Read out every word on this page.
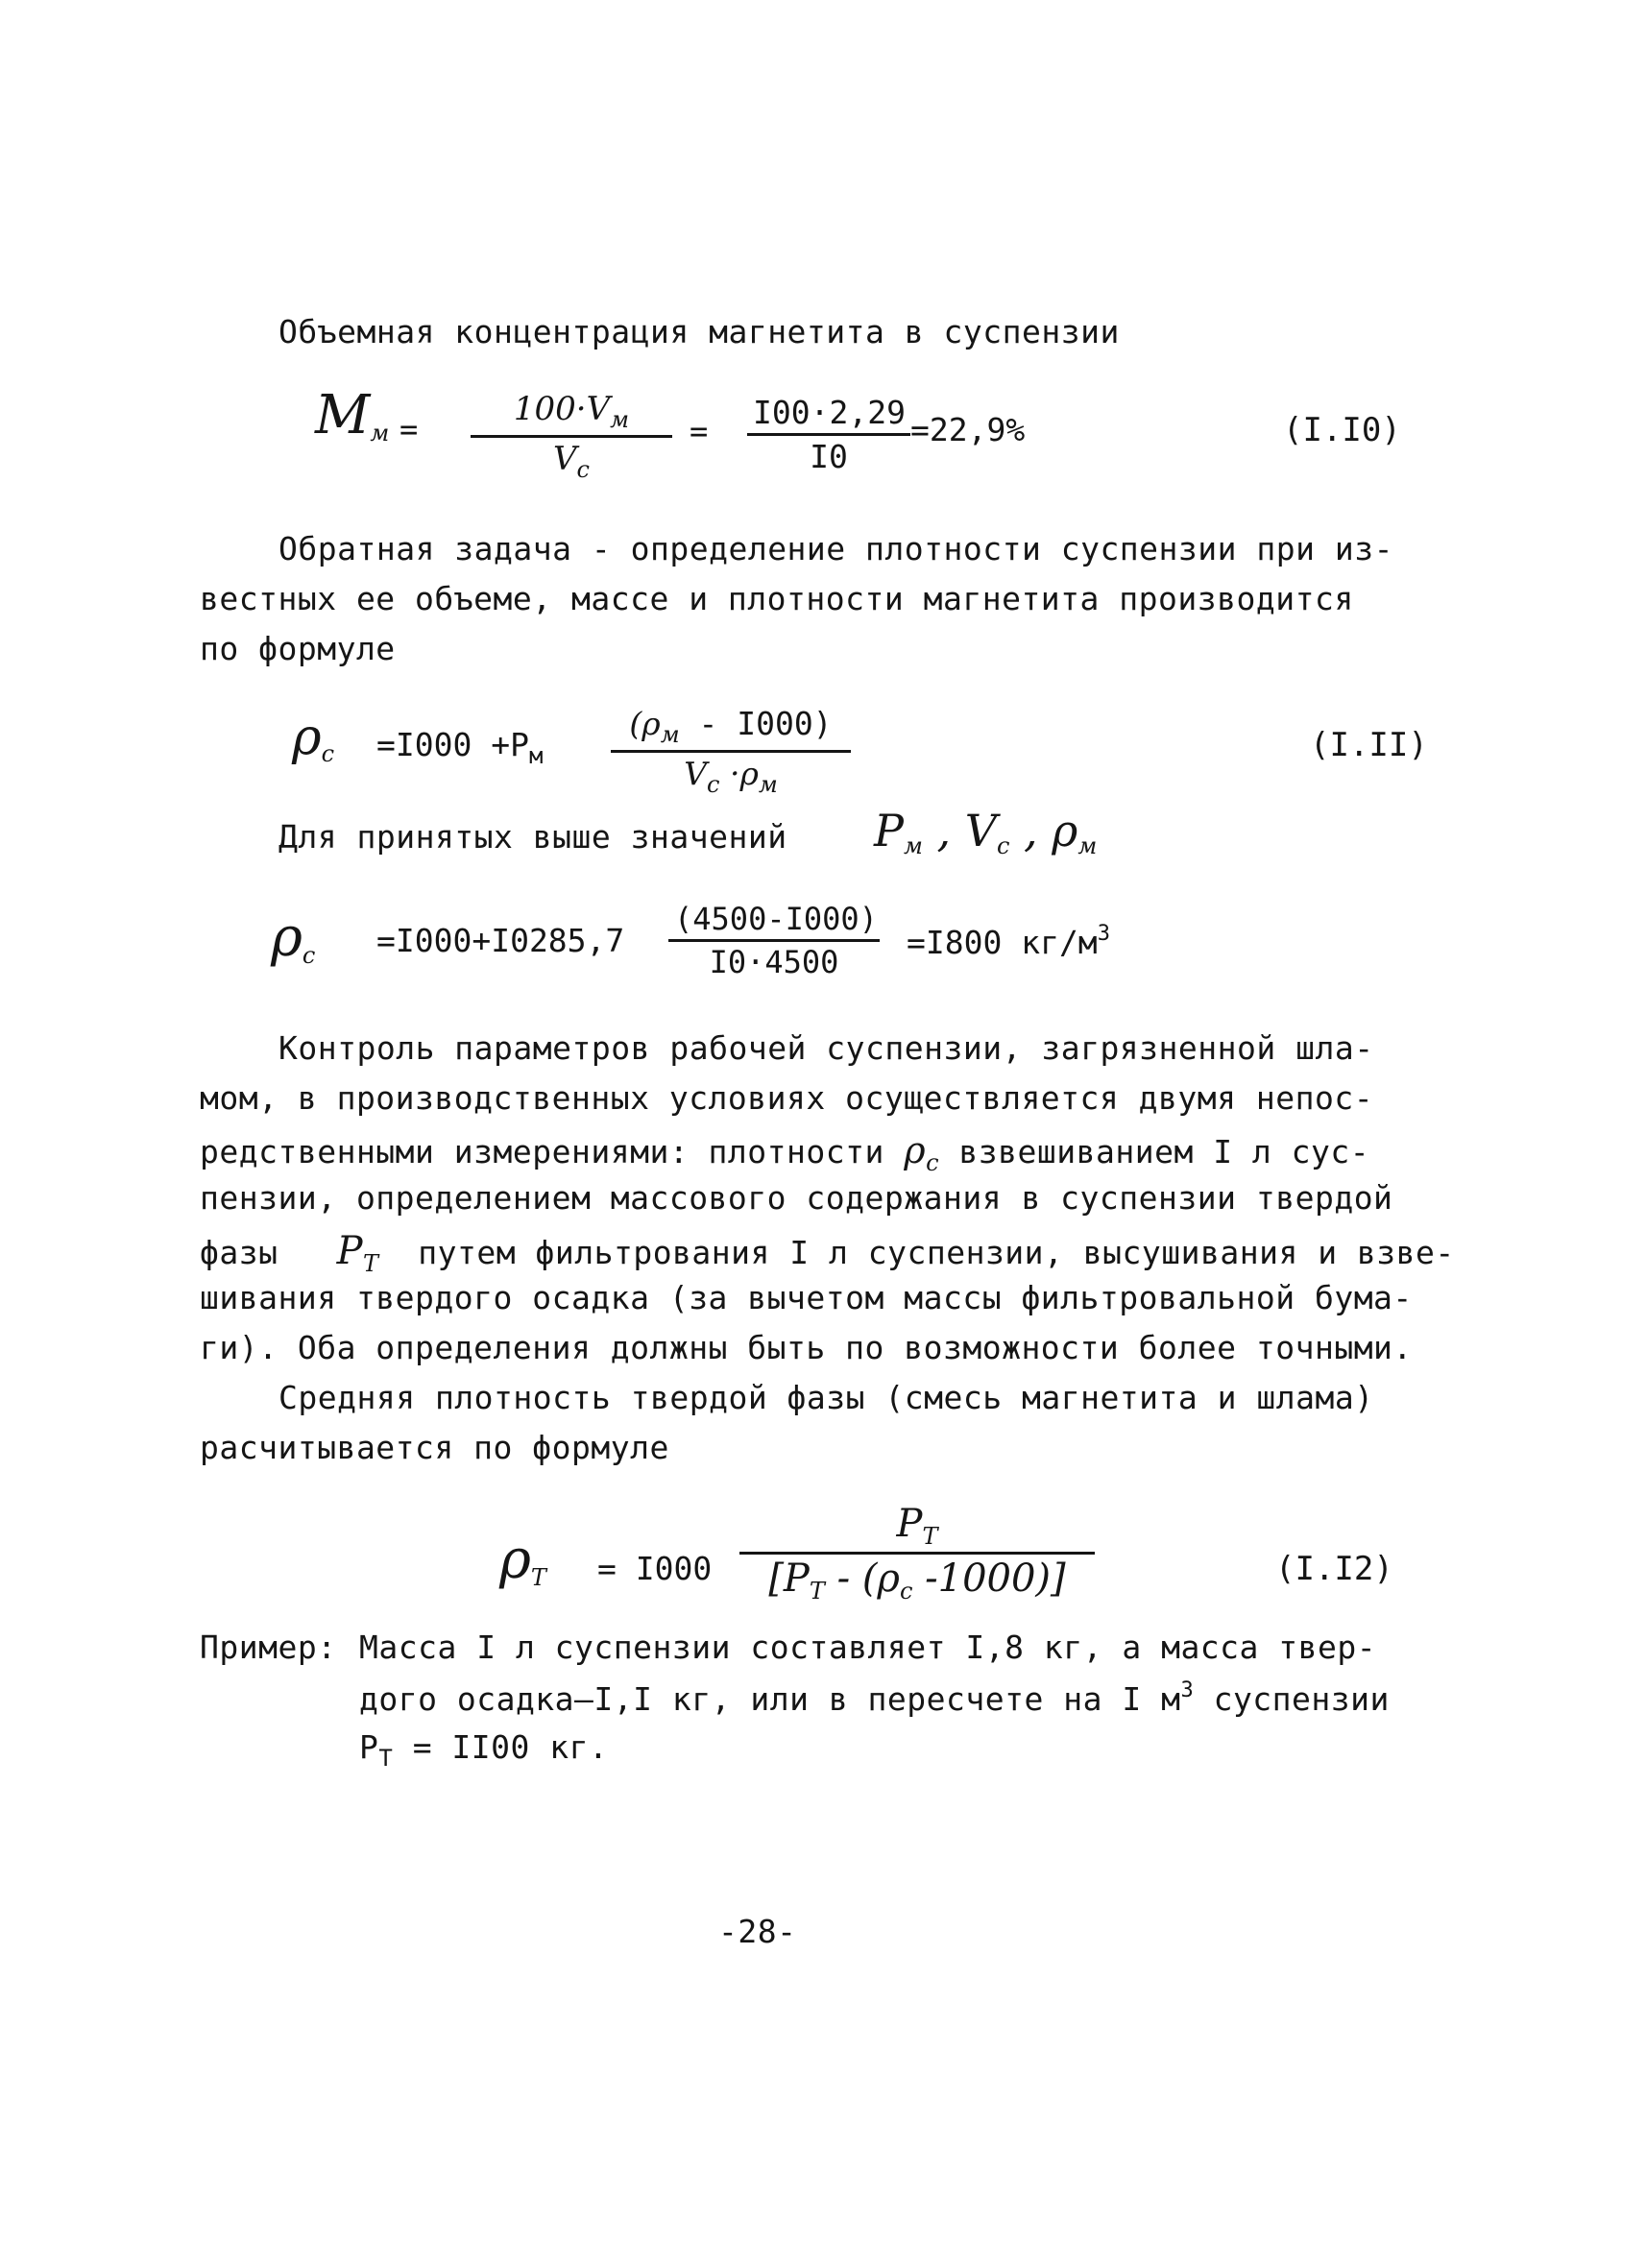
Объемная концентрация магнетита в суспензии
$M_м$ =
$100\cdot V_м$
$V_c$
= $\frac{I00\cdot 2,29}{I0} =22,9\%$	(I.I0)
Обратная задача - определение плотности суспензии при из-
вестных ее объеме, массе и плотности магнетита производится
по формуле
$\rho_c =I000 +P_м$
$(\rho_м - I000)$
$V_c \cdot\rho_м$
(I.II)
Для принятых выше значений $P_м$ , $V_c$ , $\rho_м$
$\rho_c =I000+I0285,7 \frac{(4500-I000)}{I0\cdot 4500} =I800$ $кг/м^3$
Контроль параметров рабочей суспензии, загрязненной шла-
мом, в производственных условиях осуществляется двумя непос-
редственными измерениями: плотности $\rho_c$ взвешиванием I л сус-
пензии, определением массового содержания в суспензии твердой
фазы $P_T$ путем фильтрования I л суспензии, высушивания и взве-
шивания твердого осадка (за вычетом массы фильтровальной бума-
ги). Оба определения должны быть по возможности более точными.
Средняя плотность твердой фазы (смесь магнетита и шлама)
расчитывается по формуле
$\rho_T = I000 \frac{P_T}{[P_T - (\rho_c -1000)]}$	(I.I2)
Пример: Масса I л суспензии составляет I,8 кг, а масса твер-
дого осадка—I,I кг, или в пересчете на I $м^3$ суспензии
$P_T = II00$ кг.
-28-
